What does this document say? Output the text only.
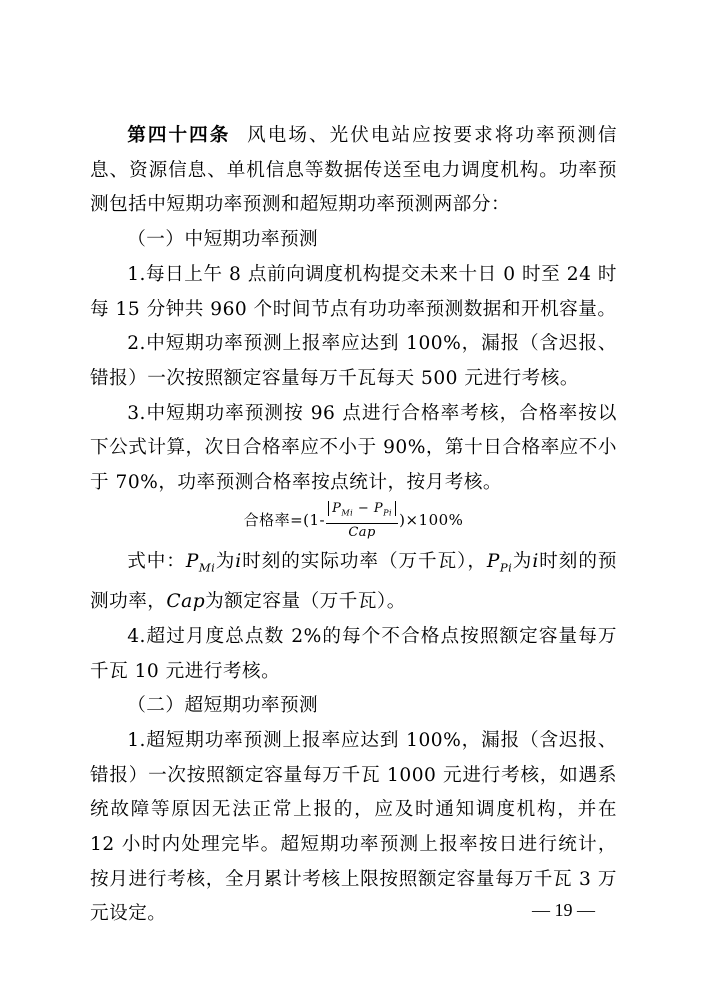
第四十四条 风电场、光伏电站应按要求将功率预测信息、资源信息、单机信息等数据传送至电力调度机构。功率预测包括中短期功率预测和超短期功率预测两部分：

（一）中短期功率预测

1.每日上午 8 点前向调度机构提交未来十日 0 时至 24 时每 15 分钟共 960 个时间节点有功功率预测数据和开机容量。

2.中短期功率预测上报率应达到 100%，漏报（含迟报、错报）一次按照额定容量每万千瓦每天 500 元进行考核。

3.中短期功率预测按 96 点进行合格率考核，合格率按以下公式计算，次日合格率应不小于 90%，第十日合格率应不小于 70%，功率预测合格率按点统计，按月考核。

合格率= $(1- \frac{P_{Mi} - P_{Pi}}{\text{Cap}} )\times 100\%$

式中：$P_{Mi}$为i时刻的实际功率（万千瓦），$P_{Pi}$为i时刻的预测功率，Cap为额定容量（万千瓦）。

4.超过月度总点数 2%的每个不合格点按照额定容量每万千瓦 10 元进行考核。

（二）超短期功率预测

1.超短期功率预测上报率应达到 100%，漏报（含迟报、错报）一次按照额定容量每万千瓦 1000 元进行考核，如遇系统故障等原因无法正常上报的，应及时通知调度机构，并在 12 小时内处理完毕。超短期功率预测上报率按日进行统计，按月进行考核，全月累计考核上限按照额定容量每万千瓦 3 万元设定。	— 19 —
